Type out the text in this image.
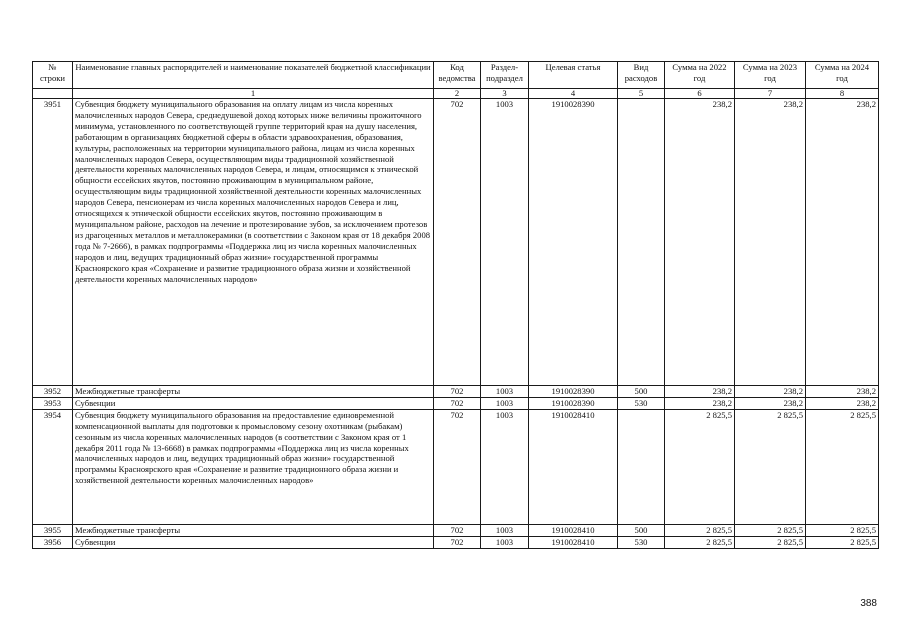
№ строки	Наименование главных распорядителей и наименование показателей бюджетной классификации	Код ведомства	Раздел-подраздел	Целевая статья	Вид расходов	Сумма на 2022 год	Сумма на 2023 год	Сумма на 2024 год
	1	2	3	4	5	6	7	8
3951	Субвенция бюджету муниципального образования на оплату лицам из числа коренных малочисленных народов Севера, среднедушевой доход которых ниже величины прожиточного минимума, установленного по соответствующей группе территорий края на душу населения, работающим в организациях бюджетной сферы в области здравоохранения, образования, культуры, расположенных на территории муниципального района, лицам из числа коренных малочисленных народов Севера, осуществляющим виды традиционной хозяйственной деятельности коренных малочисленных народов Севера, и лицам, относящимся к этнической общности ессейских якутов, постоянно проживающим в муниципальном районе, осуществляющим виды традиционной хозяйственной деятельности коренных малочисленных народов Севера, пенсионерам из числа коренных малочисленных народов Севера и лиц, относящихся к этнической общности ессейских якутов, постоянно проживающим в муниципальном районе, расходов на лечение и протезирование зубов, за исключением протезов из драгоценных металлов и металлокерамики (в соответствии с Законом края от 18 декабря 2008 года № 7-2666), в рамках подпрограммы «Поддержка лиц из числа коренных малочисленных народов и лиц, ведущих традиционный образ жизни» государственной программы Красноярского края «Сохранение и развитие традиционного образа жизни и хозяйственной деятельности коренных малочисленных народов»	702	1003	1910028390		238,2	238,2	238,2
3952	Межбюджетные трансферты	702	1003	1910028390	500	238,2	238,2	238,2
3953	Субвенции	702	1003	1910028390	530	238,2	238,2	238,2
3954	Субвенция бюджету муниципального образования на предоставление единовременной компенсационной выплаты для подготовки к промысловому сезону охотникам (рыбакам) сезонным из числа коренных малочисленных народов (в соответствии с Законом края от 1 декабря 2011 года № 13-6668) в рамках подпрограммы «Поддержка лиц из числа коренных малочисленных народов и лиц, ведущих традиционный образ жизни» государственной программы Красноярского края «Сохранение и развитие традиционного образа жизни и хозяйственной деятельности коренных малочисленных народов»	702	1003	1910028410		2 825,5	2 825,5	2 825,5
3955	Межбюджетные трансферты	702	1003	1910028410	500	2 825,5	2 825,5	2 825,5
3956	Субвенции	702	1003	1910028410	530	2 825,5	2 825,5	2 825,5
388
